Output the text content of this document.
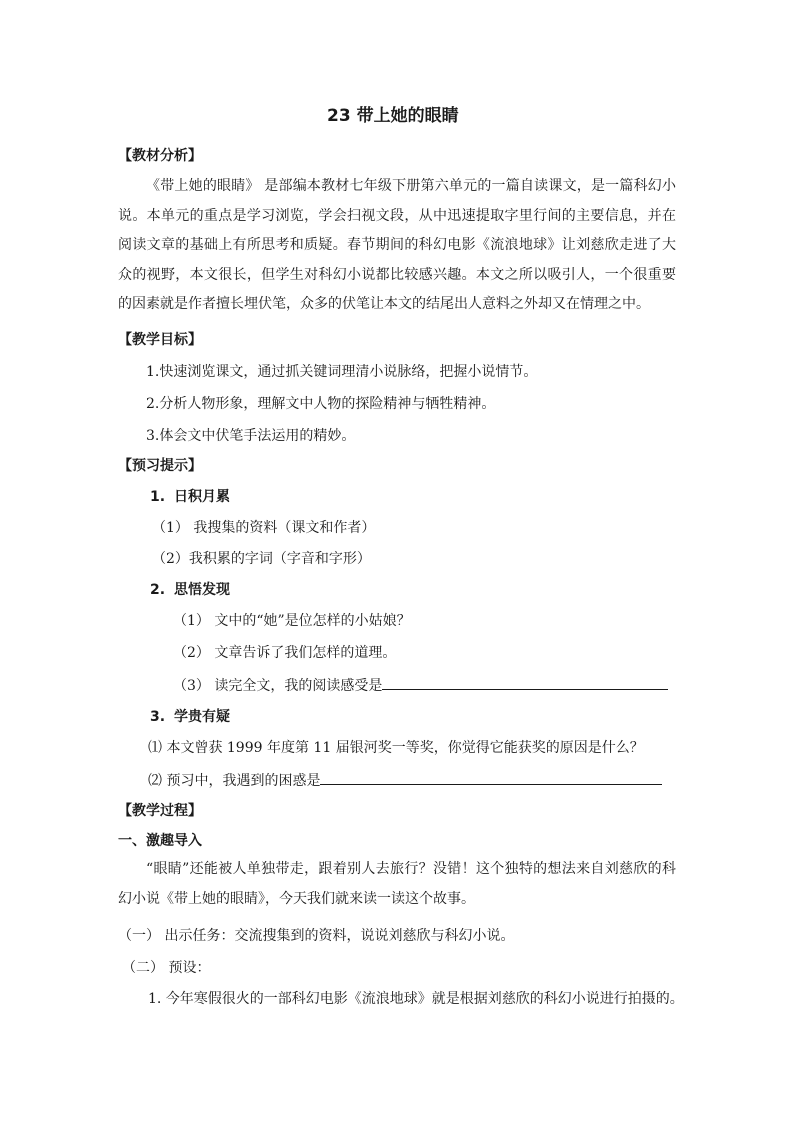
23 带上她的眼睛
【教材分析】
《带上她的眼睛》 是部编本教材七年级下册第六单元的一篇自读课文，是一篇科幻小说。本单元的重点是学习浏览，学会扫视文段，从中迅速提取字里行间的主要信息，并在阅读文章的基础上有所思考和质疑。春节期间的科幻电影《流浪地球》让刘慈欣走进了大众的视野，本文很长，但学生对科幻小说都比较感兴趣。本文之所以吸引人，一个很重要的因素就是作者擅长埋伏笔，众多的伏笔让本文的结尾出人意料之外却又在情理之中。
【教学目标】
1.快速浏览课文，通过抓关键词理清小说脉络，把握小说情节。
2.分析人物形象，理解文中人物的探险精神与牺牲精神。
3.体会文中伏笔手法运用的精妙。
【预习提示】
1. 日积月累
（1） 我搜集的资料（课文和作者）
（2）我积累的字词（字音和字形）
2. 思悟发现
（1） 文中的“她”是位怎样的小姑娘？
（2） 文章告诉了我们怎样的道理。
（3） 读完全文，我的阅读感受是
3. 学贵有疑
⑴ 本文曾获 1999 年度第 11 届银河奖一等奖，你觉得它能获奖的原因是什么？
⑵ 预习中，我遇到的困惑是
【教学过程】
一、激趣导入
“眼睛”还能被人单独带走，跟着别人去旅行？没错！这个独特的想法来自刘慈欣的科幻小说《带上她的眼睛》，今天我们就来读一读这个故事。
（一） 出示任务：交流搜集到的资料，说说刘慈欣与科幻小说。
（二） 预设：
1. 今年寒假很火的一部科幻电影《流浪地球》就是根据刘慈欣的科幻小说进行拍摄的。
